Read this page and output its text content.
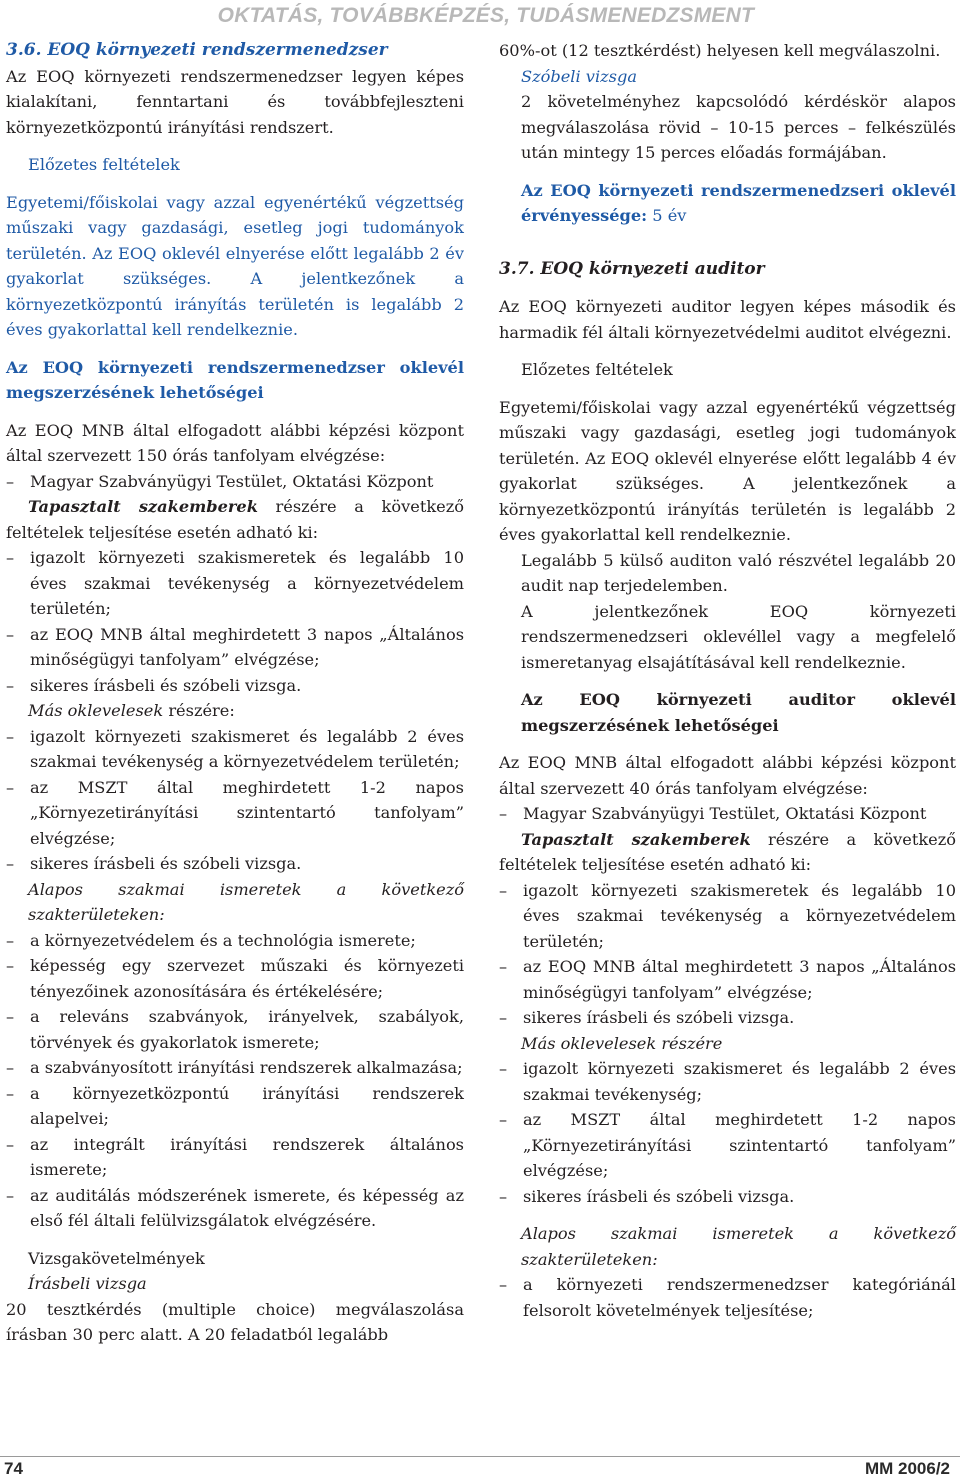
OKTATÁS, TOVÁBBKÉPZÉS, TUDÁSMENEDZSMENT

3.6. EOQ környezeti rendszermenedzser

Az EOQ környezeti rendszermenedzser legyen képes kialakítani, fenntartani és továbbfejleszteni környezetközpontú irányítási rendszert.

Előzetes feltételek

Egyetemi/főiskolai vagy azzal egyenértékű végzettség műszaki vagy gazdasági, esetleg jogi tudományok területén. Az EOQ oklevél elnyerése előtt legalább 2 év gyakorlat szükséges. A jelentkezőnek a környezetközpontú irányítás területén is legalább 2 éves gyakorlattal kell rendelkeznie.

Az EOQ környezeti rendszermenedzser oklevél megszerzésének lehetőségei

Az EOQ MNB által elfogadott alábbi képzési központ által szervezett 150 órás tanfolyam elvégzése:

– Magyar Szabványügyi Testület, Oktatási Központ

Tapasztalt szakemberek részére a következő feltételek teljesítése esetén adható ki:

– igazolt környezeti szakismeretek és legalább 10 éves szakmai tevékenység a környezetvédelem területén;

– az EOQ MNB által meghirdetett 3 napos „Általános minőségügyi tanfolyam” elvégzése;

– sikeres írásbeli és szóbeli vizsga.

Más oklevelesek részére:

– igazolt környezeti szakismeret és legalább 2 éves szakmai tevékenység a környezetvédelem területén;

– az MSZT által meghirdetett 1-2 napos „Környezetirányítási szintentartó tanfolyam” elvégzése;

– sikeres írásbeli és szóbeli vizsga.

Alapos szakmai ismeretek a következő szakterületeken:

– a környezetvédelem és a technológia ismerete;

– képesség egy szervezet műszaki és környezeti tényezőinek azonosítására és értékelésére;

– a releváns szabványok, irányelvek, szabályok, törvények és gyakorlatok ismerete;

– a szabványosított irányítási rendszerek alkalmazása;

– a környezetközpontú irányítási rendszerek alapelvei;

– az integrált irányítási rendszerek általános ismerete;

– az auditálás módszerének ismerete, és képesség az első fél általi felülvizsgálatok elvégzésére.

Vizsgakövetelmények

Írásbeli vizsga

20 tesztkérdés (multiple choice) megválaszolása írásban 30 perc alatt. A 20 feladatból legalább

60%-ot (12 tesztkérdést) helyesen kell megválaszolni.

Szóbeli vizsga

2 követelményhez kapcsolódó kérdéskör alapos megválaszolása rövid – 10-15 perces – felkészülés után mintegy 15 perces előadás formájában.

Az EOQ környezeti rendszermenedzseri oklevél érvényessége: 5 év

3.7. EOQ környezeti auditor

Az EOQ környezeti auditor legyen képes második és harmadik fél általi környezetvédelmi auditot elvégezni.

Előzetes feltételek

Egyetemi/főiskolai vagy azzal egyenértékű végzettség műszaki vagy gazdasági, esetleg jogi tudományok területén. Az EOQ oklevél elnyerése előtt legalább 4 év gyakorlat szükséges. A jelentkezőnek a környezetközpontú irányítás területén is legalább 2 éves gyakorlattal kell rendelkeznie.

Legalább 5 külső auditon való részvétel legalább 20 audit nap terjedelemben.

A jelentkezőnek EOQ környezeti rendszermenedzseri oklevéllel vagy a megfelelő ismeretanyag elsajátításával kell rendelkeznie.

Az EOQ környezeti auditor oklevél megszerzésének lehetőségei

Az EOQ MNB által elfogadott alábbi képzési központ által szervezett 40 órás tanfolyam elvégzése:

– Magyar Szabványügyi Testület, Oktatási Központ

Tapasztalt szakemberek részére a következő feltételek teljesítése esetén adható ki:

– igazolt környezeti szakismeretek és legalább 10 éves szakmai tevékenység a környezetvédelem területén;

– az EOQ MNB által meghirdetett 3 napos „Általános minőségügyi tanfolyam” elvégzése;

– sikeres írásbeli és szóbeli vizsga.

Más oklevelesek részére

– igazolt környezeti szakismeret és legalább 2 éves szakmai tevékenység;

– az MSZT által meghirdetett 1-2 napos „Környezetirányítási szintentartó tanfolyam” elvégzése;

– sikeres írásbeli és szóbeli vizsga.

Alapos szakmai ismeretek a következő szakterületeken:

– a környezeti rendszermenedzser kategóriánál felsorolt követelmények teljesítése;

74	MM 2006/2
